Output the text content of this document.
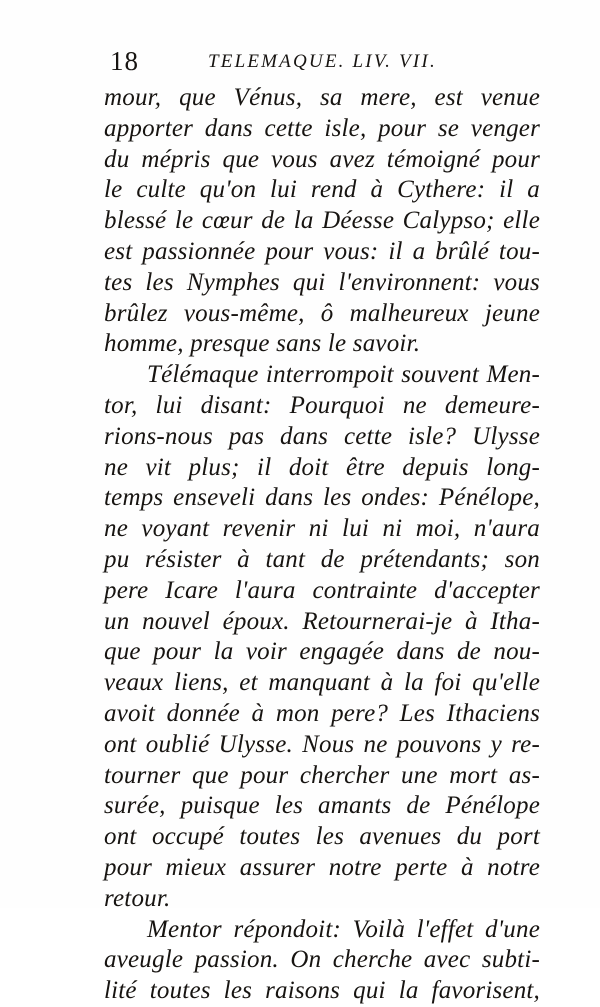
18	TELEMAQUE. LIV. VII.
mour, que Vénus, sa mere, est venue
apporter dans cette isle, pour se venger
du mépris que vous avez témoigné pour
le culte qu'on lui rend à Cythere: il a
blessé le cœur de la Déesse Calypso; elle
est passionnée pour vous: il a brûlé tou-
tes les Nymphes qui l'environnent: vous
brûlez vous-même, ô malheureux jeune
homme, presque sans le savoir.
Télémaque interrompoit souvent Men-
tor, lui disant: Pourquoi ne demeure-
rions-nous pas dans cette isle? Ulysse
ne vit plus; il doit être depuis long-
temps enseveli dans les ondes: Pénélope,
ne voyant revenir ni lui ni moi, n'aura
pu résister à tant de prétendants; son
pere Icare l'aura contrainte d'accepter
un nouvel époux. Retournerai-je à Itha-
que pour la voir engagée dans de nou-
veaux liens, et manquant à la foi qu'elle
avoit donnée à mon pere? Les Ithaciens
ont oublié Ulysse. Nous ne pouvons y re-
tourner que pour chercher une mort as-
surée, puisque les amants de Pénélope
ont occupé toutes les avenues du port
pour mieux assurer notre perte à notre
retour.
Mentor répondoit: Voilà l'effet d'une
aveugle passion. On cherche avec subti-
lité toutes les raisons qui la favorisent,
